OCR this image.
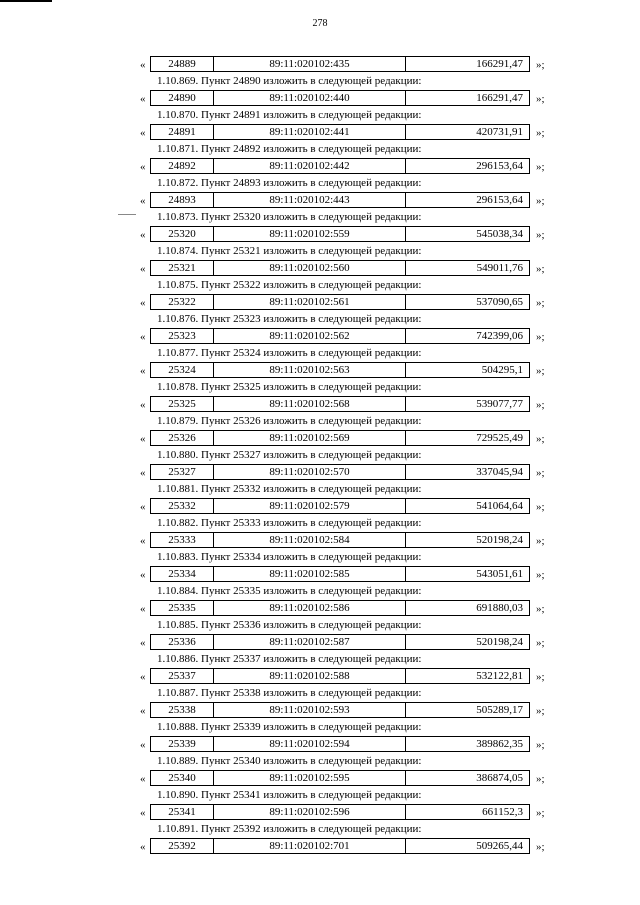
278
«	24889	89:11:020102:435	166291,47	»;
1.10.869. Пункт 24890 изложить в следующей редакции:
«	24890	89:11:020102:440	166291,47	»;
1.10.870. Пункт 24891 изложить в следующей редакции:
«	24891	89:11:020102:441	420731,91	»;
1.10.871. Пункт 24892 изложить в следующей редакции:
«	24892	89:11:020102:442	296153,64	»;
1.10.872. Пункт 24893 изложить в следующей редакции:
«	24893	89:11:020102:443	296153,64	»;
1.10.873. Пункт 25320 изложить в следующей редакции:
«	25320	89:11:020102:559	545038,34	»;
1.10.874. Пункт 25321 изложить в следующей редакции:
«	25321	89:11:020102:560	549011,76	»;
1.10.875. Пункт 25322 изложить в следующей редакции:
«	25322	89:11:020102:561	537090,65	»;
1.10.876. Пункт 25323 изложить в следующей редакции:
«	25323	89:11:020102:562	742399,06	»;
1.10.877. Пункт 25324 изложить в следующей редакции:
«	25324	89:11:020102:563	504295,1	»;
1.10.878. Пункт 25325 изложить в следующей редакции:
«	25325	89:11:020102:568	539077,77	»;
1.10.879. Пункт 25326 изложить в следующей редакции:
«	25326	89:11:020102:569	729525,49	»;
1.10.880. Пункт 25327 изложить в следующей редакции:
«	25327	89:11:020102:570	337045,94	»;
1.10.881. Пункт 25332 изложить в следующей редакции:
«	25332	89:11:020102:579	541064,64	»;
1.10.882. Пункт 25333 изложить в следующей редакции:
«	25333	89:11:020102:584	520198,24	»;
1.10.883. Пункт 25334 изложить в следующей редакции:
«	25334	89:11:020102:585	543051,61	»;
1.10.884. Пункт 25335 изложить в следующей редакции:
«	25335	89:11:020102:586	691880,03	»;
1.10.885. Пункт 25336 изложить в следующей редакции:
«	25336	89:11:020102:587	520198,24	»;
1.10.886. Пункт 25337 изложить в следующей редакции:
«	25337	89:11:020102:588	532122,81	»;
1.10.887. Пункт 25338 изложить в следующей редакции:
«	25338	89:11:020102:593	505289,17	»;
1.10.888. Пункт 25339 изложить в следующей редакции:
«	25339	89:11:020102:594	389862,35	»;
1.10.889. Пункт 25340 изложить в следующей редакции:
«	25340	89:11:020102:595	386874,05	»;
1.10.890. Пункт 25341 изложить в следующей редакции:
«	25341	89:11:020102:596	661152,3	»;
1.10.891. Пункт 25392 изложить в следующей редакции:
«	25392	89:11:020102:701	509265,44	»;
